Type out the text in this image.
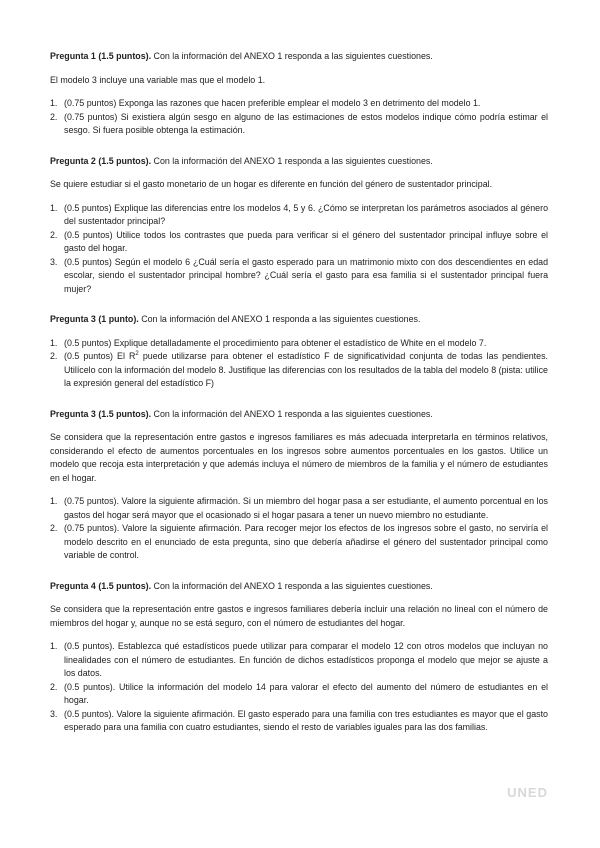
Pregunta 1 (1.5 puntos). Con la información del ANEXO 1 responda a las siguientes cuestiones.

El modelo 3 incluye una variable mas que el modelo 1.

1. (0.75 puntos) Exponga las razones que hacen preferible emplear el modelo 3 en detrimento del modelo 1.
2. (0.75 puntos) Si existiera algún sesgo en alguno de las estimaciones de estos modelos indique cómo podría estimar el sesgo. Si fuera posible obtenga la estimación.

Pregunta 2 (1.5 puntos). Con la información del ANEXO 1 responda a las siguientes cuestiones.

Se quiere estudiar si el gasto monetario de un hogar es diferente en función del género de sustentador principal.

1. (0.5 puntos) Explique las diferencias entre los modelos 4, 5 y 6. ¿Cómo se interpretan los parámetros asociados al género del sustentador principal?
2. (0.5 puntos) Utilice todos los contrastes que pueda para verificar si el género del sustentador principal influye sobre el gasto del hogar.
3. (0.5 puntos) Según el modelo 6 ¿Cuál sería el gasto esperado para un matrimonio mixto con dos descendientes en edad escolar, siendo el sustentador principal hombre? ¿Cuál sería el gasto para esa familia si el sustentador principal fuera mujer?

Pregunta 3 (1 punto). Con la información del ANEXO 1 responda a las siguientes cuestiones.

1. (0.5 puntos) Explique detalladamente el procedimiento para obtener el estadístico de White en el modelo 7.
2. (0.5 puntos) El $R^2$ puede utilizarse para obtener el estadístico F de significatividad conjunta de todas las pendientes. Utilícelo con la información del modelo 8. Justifique las diferencias con los resultados de la tabla del modelo 8 (pista: utilice la expresión general del estadístico F)

Pregunta 3 (1.5 puntos). Con la información del ANEXO 1 responda a las siguientes cuestiones.

Se considera que la representación entre gastos e ingresos familiares es más adecuada interpretarla en términos relativos, considerando el efecto de aumentos porcentuales en los ingresos sobre aumentos porcentuales en los gastos. Utilice un modelo que recoja esta interpretación y que además incluya el número de miembros de la familia y el número de estudiantes en el hogar.

1. (0.75 puntos). Valore la siguiente afirmación. Si un miembro del hogar pasa a ser estudiante, el aumento porcentual en los gastos del hogar será mayor que el ocasionado si el hogar pasara a tener un nuevo miembro no estudiante.
2. (0.75 puntos). Valore la siguiente afirmación. Para recoger mejor los efectos de los ingresos sobre el gasto, no serviría el modelo descrito en el enunciado de esta pregunta, sino que debería añadirse el género del sustentador principal como variable de control.

Pregunta 4 (1.5 puntos). Con la información del ANEXO 1 responda a las siguientes cuestiones.

Se considera que la representación entre gastos e ingresos familiares debería incluir una relación no lineal con el número de miembros del hogar y, aunque no se está seguro, con el número de estudiantes del hogar.

1. (0.5 puntos). Establezca qué estadísticos puede utilizar para comparar el modelo 12 con otros modelos que incluyan no linealidades con el número de estudiantes. En función de dichos estadísticos proponga el modelo que mejor se ajuste a los datos.
2. (0.5 puntos). Utilice la información del modelo 14 para valorar el efecto del aumento del número de estudiantes en el hogar.
3. (0.5 puntos). Valore la siguiente afirmación. El gasto esperado para una familia con tres estudiantes es mayor que el gasto esperado para una familia con cuatro estudiantes, siendo el resto de variables iguales para las dos familias.
UNED
